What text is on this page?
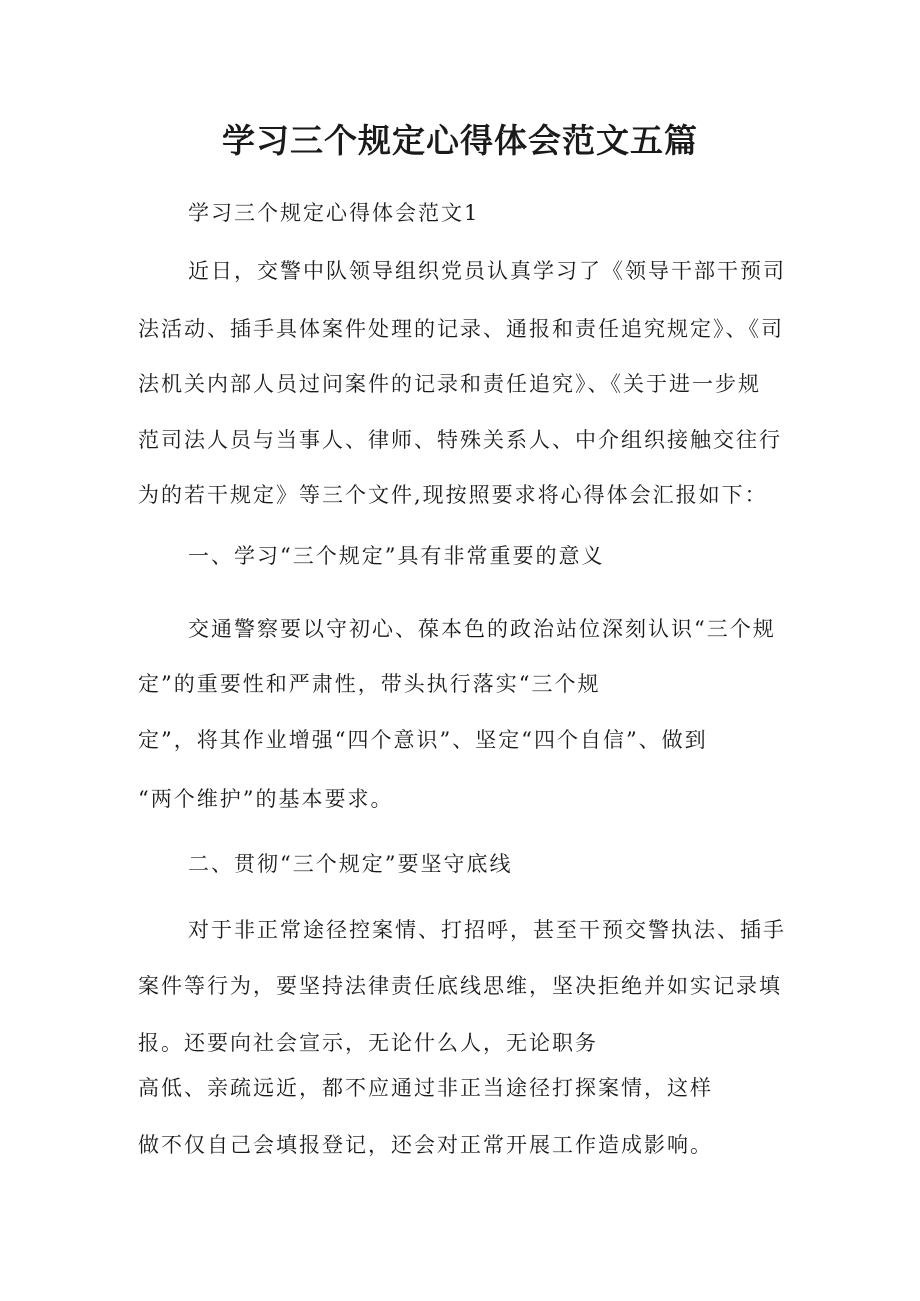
学习三个规定心得体会范文五篇
学习三个规定心得体会范文1
近日，交警中队领导组织党员认真学习了《领导干部干预司
法活动、插手具体案件处理的记录、通报和责任追究规定》、《司
法机关内部人员过问案件的记录和责任追究》、《关于进一步规
范司法人员与当事人、律师、特殊关系人、中介组织接触交往行
为的若干规定》等三个文件,现按照要求将心得体会汇报如下：
一、学习“三个规定”具有非常重要的意义
交通警察要以守初心、葆本色的政治站位深刻认识“三个规
定”的重要性和严肃性，带头执行落实“三个规
定”，将其作业增强“四个意识”、坚定“四个自信”、做到
“两个维护”的基本要求。
二、贯彻“三个规定”要坚守底线
对于非正常途径控案情、打招呼，甚至干预交警执法、插手
案件等行为，要坚持法律责任底线思维，坚决拒绝并如实记录填
报。还要向社会宣示，无论什么人，无论职务
高低、亲疏远近，都不应通过非正当途径打探案情，这样
做不仅自己会填报登记，还会对正常开展工作造成影响。
